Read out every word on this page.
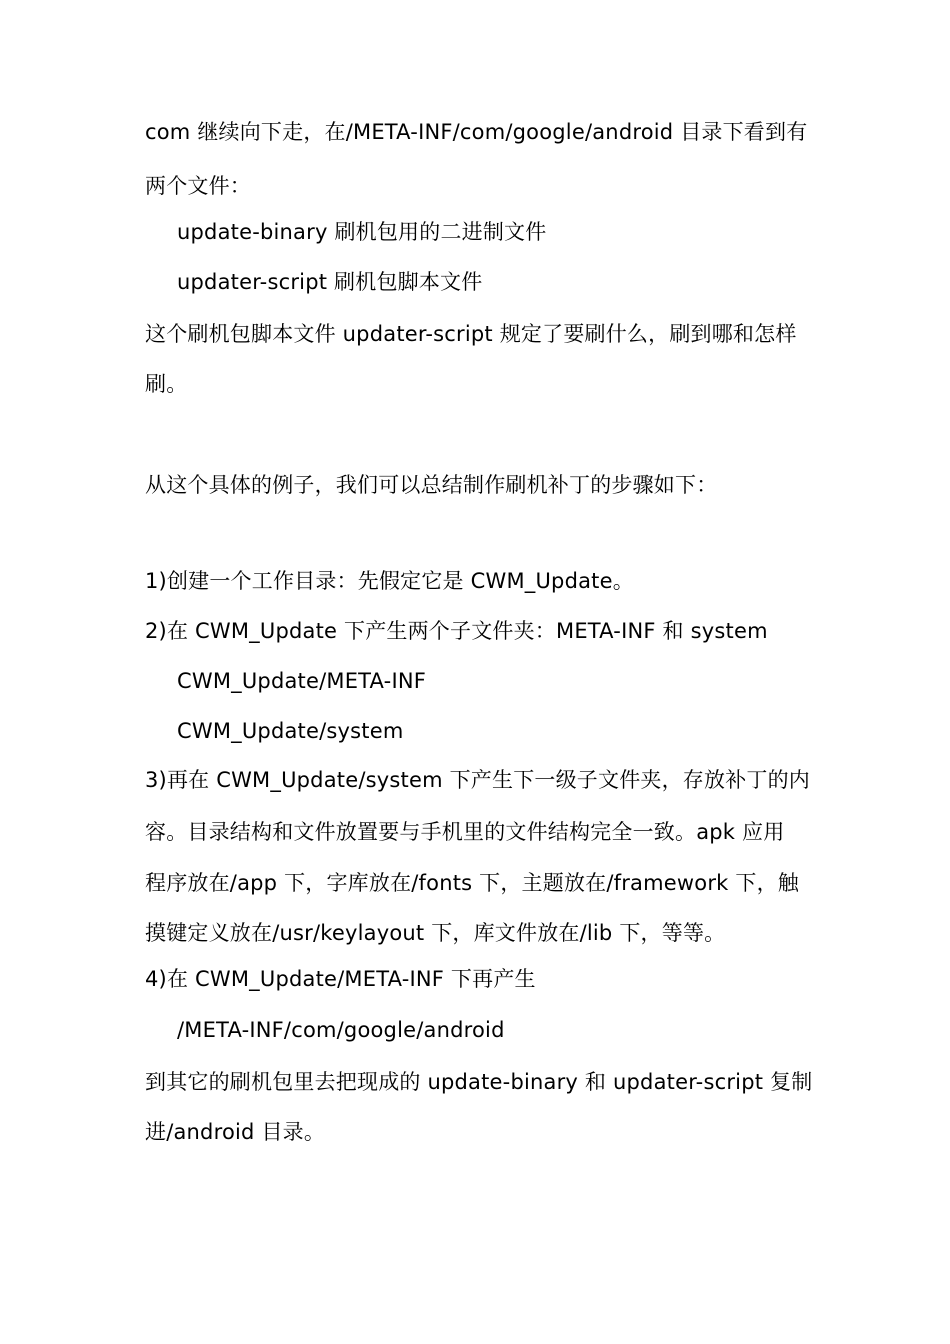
com 继续向下走，在/META-INF/com/google/android 目录下看到有
两个文件：
update-binary 刷机包用的二进制文件
updater-script 刷机包脚本文件
这个刷机包脚本文件 updater-script 规定了要刷什么，刷到哪和怎样
刷。
从这个具体的例子，我们可以总结制作刷机补丁的步骤如下：
1)创建一个工作目录：先假定它是 CWM_Update。
2)在 CWM_Update 下产生两个子文件夹：META-INF 和 system
CWM_Update/META-INF
CWM_Update/system
3)再在 CWM_Update/system 下产生下一级子文件夹，存放补丁的内
容。目录结构和文件放置要与手机里的文件结构完全一致。apk 应用
程序放在/app 下，字库放在/fonts 下，主题放在/framework 下，触
摸键定义放在/usr/keylayout 下，库文件放在/lib 下，等等。
4)在 CWM_Update/META-INF 下再产生
/META-INF/com/google/android
到其它的刷机包里去把现成的 update-binary 和 updater-script 复制
进/android 目录。
